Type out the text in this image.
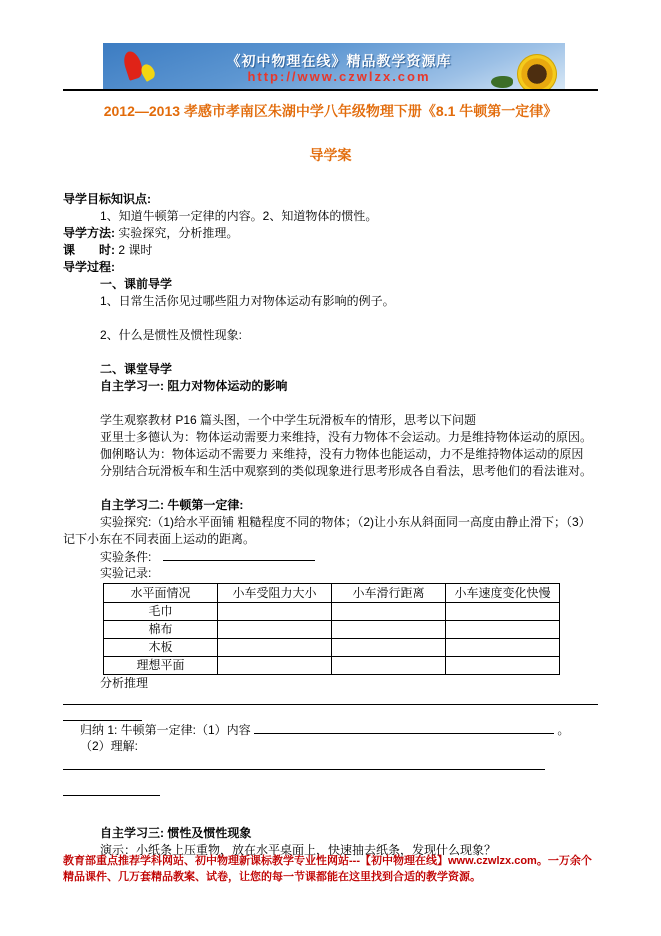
《初中物理在线》精品教学资源库
http://www.czwlzx.com
2012—2013 孝感市孝南区朱湖中学八年级物理下册《8.1 牛顿第一定律》
导学案
导学目标知识点:
1、知道牛顿第一定律的内容。2、知道物体的惯性。
导学方法: 实验探究，分析推理。
课　　时: 2 课时
导学过程:
一、课前导学
1、日常生活你见过哪些阻力对物体运动有影响的例子。
2、什么是惯性及惯性现象:
二、课堂导学
自主学习一: 阻力对物体运动的影响
学生观察教材 P16 篇头图，一个中学生玩滑板车的情形，思考以下问题
亚里士多德认为：物体运动需要力来维持，没有力物体不会运动。力是维持物体运动的原因。
伽俐略认为：物体运动不需要力 来维持，没有力物体也能运动，力不是维持物体运动的原因
分别结合玩滑板车和生活中观察到的类似现象进行思考形成各自看法，思考他们的看法谁对。
自主学习二: 牛顿第一定律:
实验探究:（1)给水平面铺 粗糙程度不同的物体；（2)让小东从斜面同一高度由静止滑下；（3）
记下小东在不同表面上运动的距离。
实验条件:
实验记录:
水平面情况	小车受阻力大小	小车滑行距离	小车速度变化快慢
毛巾			
棉布			
木板			
理想平面			
分析推理
归纳 1: 牛顿第一定律:（1）内容	。
（2）理解:
自主学习三: 惯性及惯性现象
演示：小纸条上压重物，放在水平桌面上，快速抽去纸条，发现什么现象？
教育部重点推荐学科网站、初中物理新课标教学专业性网站---【初中物理在线】www.czwlzx.com。一万余个精品课件、几万套精品教案、试卷，让您的每一节课都能在这里找到合适的教学资源。
